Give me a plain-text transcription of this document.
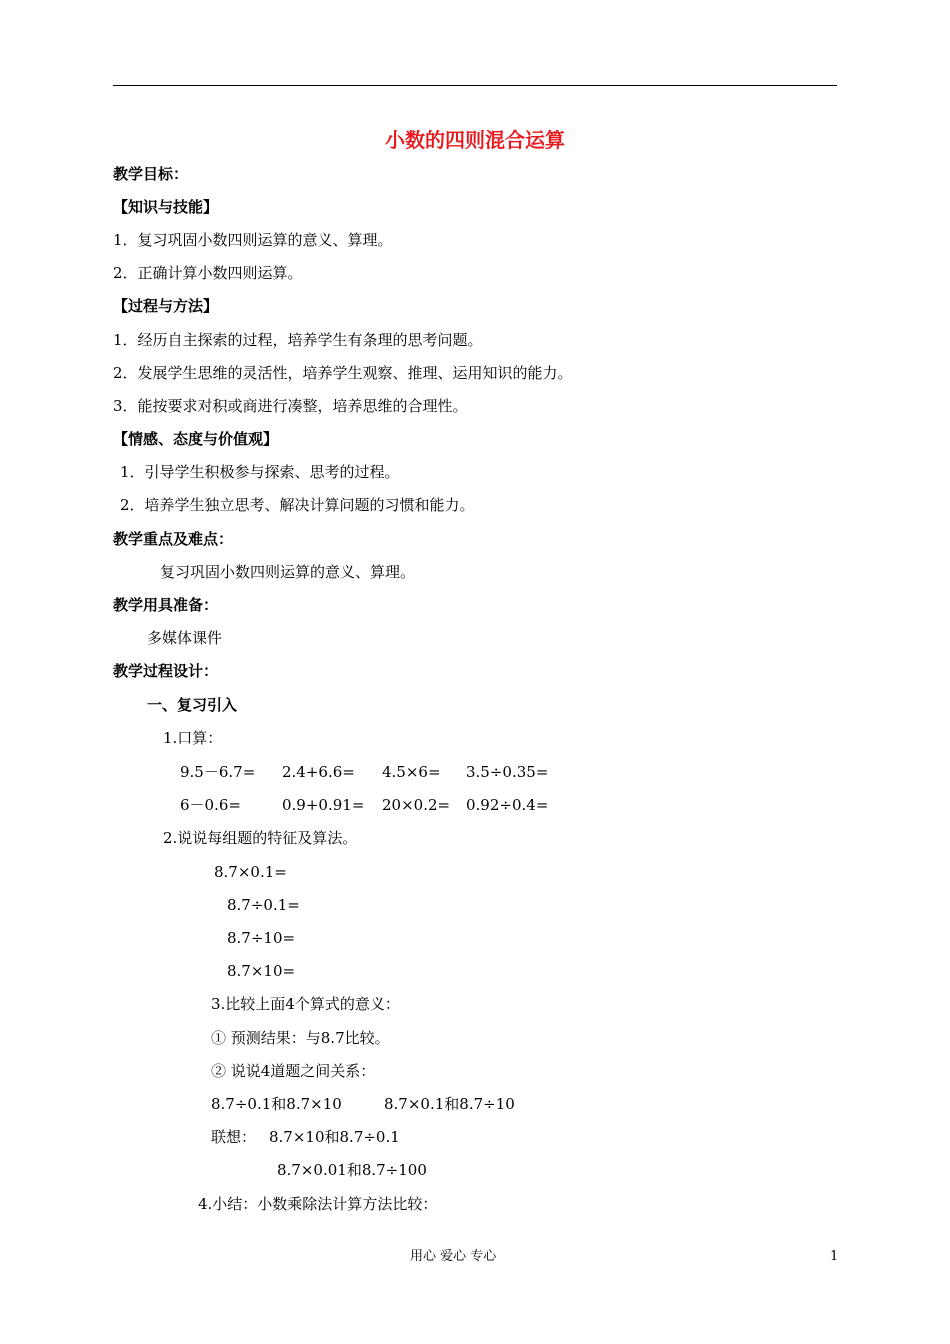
小数的四则混合运算
教学目标：
【知识与技能】
1．复习巩固小数四则运算的意义、算理。
2．正确计算小数四则运算。
【过程与方法】
1．经历自主探索的过程，培养学生有条理的思考问题。
2．发展学生思维的灵活性，培养学生观察、推理、运用知识的能力。
3．能按要求对积或商进行凑整，培养思维的合理性。
【情感、态度与价值观】
1．引导学生积极参与探索、思考的过程。
2．培养学生独立思考、解决计算问题的习惯和能力。
教学重点及难点：
复习巩固小数四则运算的意义、算理。
教学用具准备：
多媒体课件
教学过程设计：
一、复习引入
1.口算：
9.5－6.7= 2.4+6.6= 4.5×6= 3.5÷0.35=
6－0.6=	0.9+0.91= 20×0.2= 0.92÷0.4=
2.说说每组题的特征及算法。
8.7×0.1=
8.7÷0.1=
8.7÷10=
8.7×10=
3.比较上面4个算式的意义：
① 预测结果：与8.7比较。
② 说说4道题之间关系：
8.7÷0.1和8.7×10	8.7×0.1和8.7÷10
联想： 8.7×10和8.7÷0.1
8.7×0.01和8.7÷100
4.小结：小数乘除法计算方法比较：
用心 爱心 专心	1
